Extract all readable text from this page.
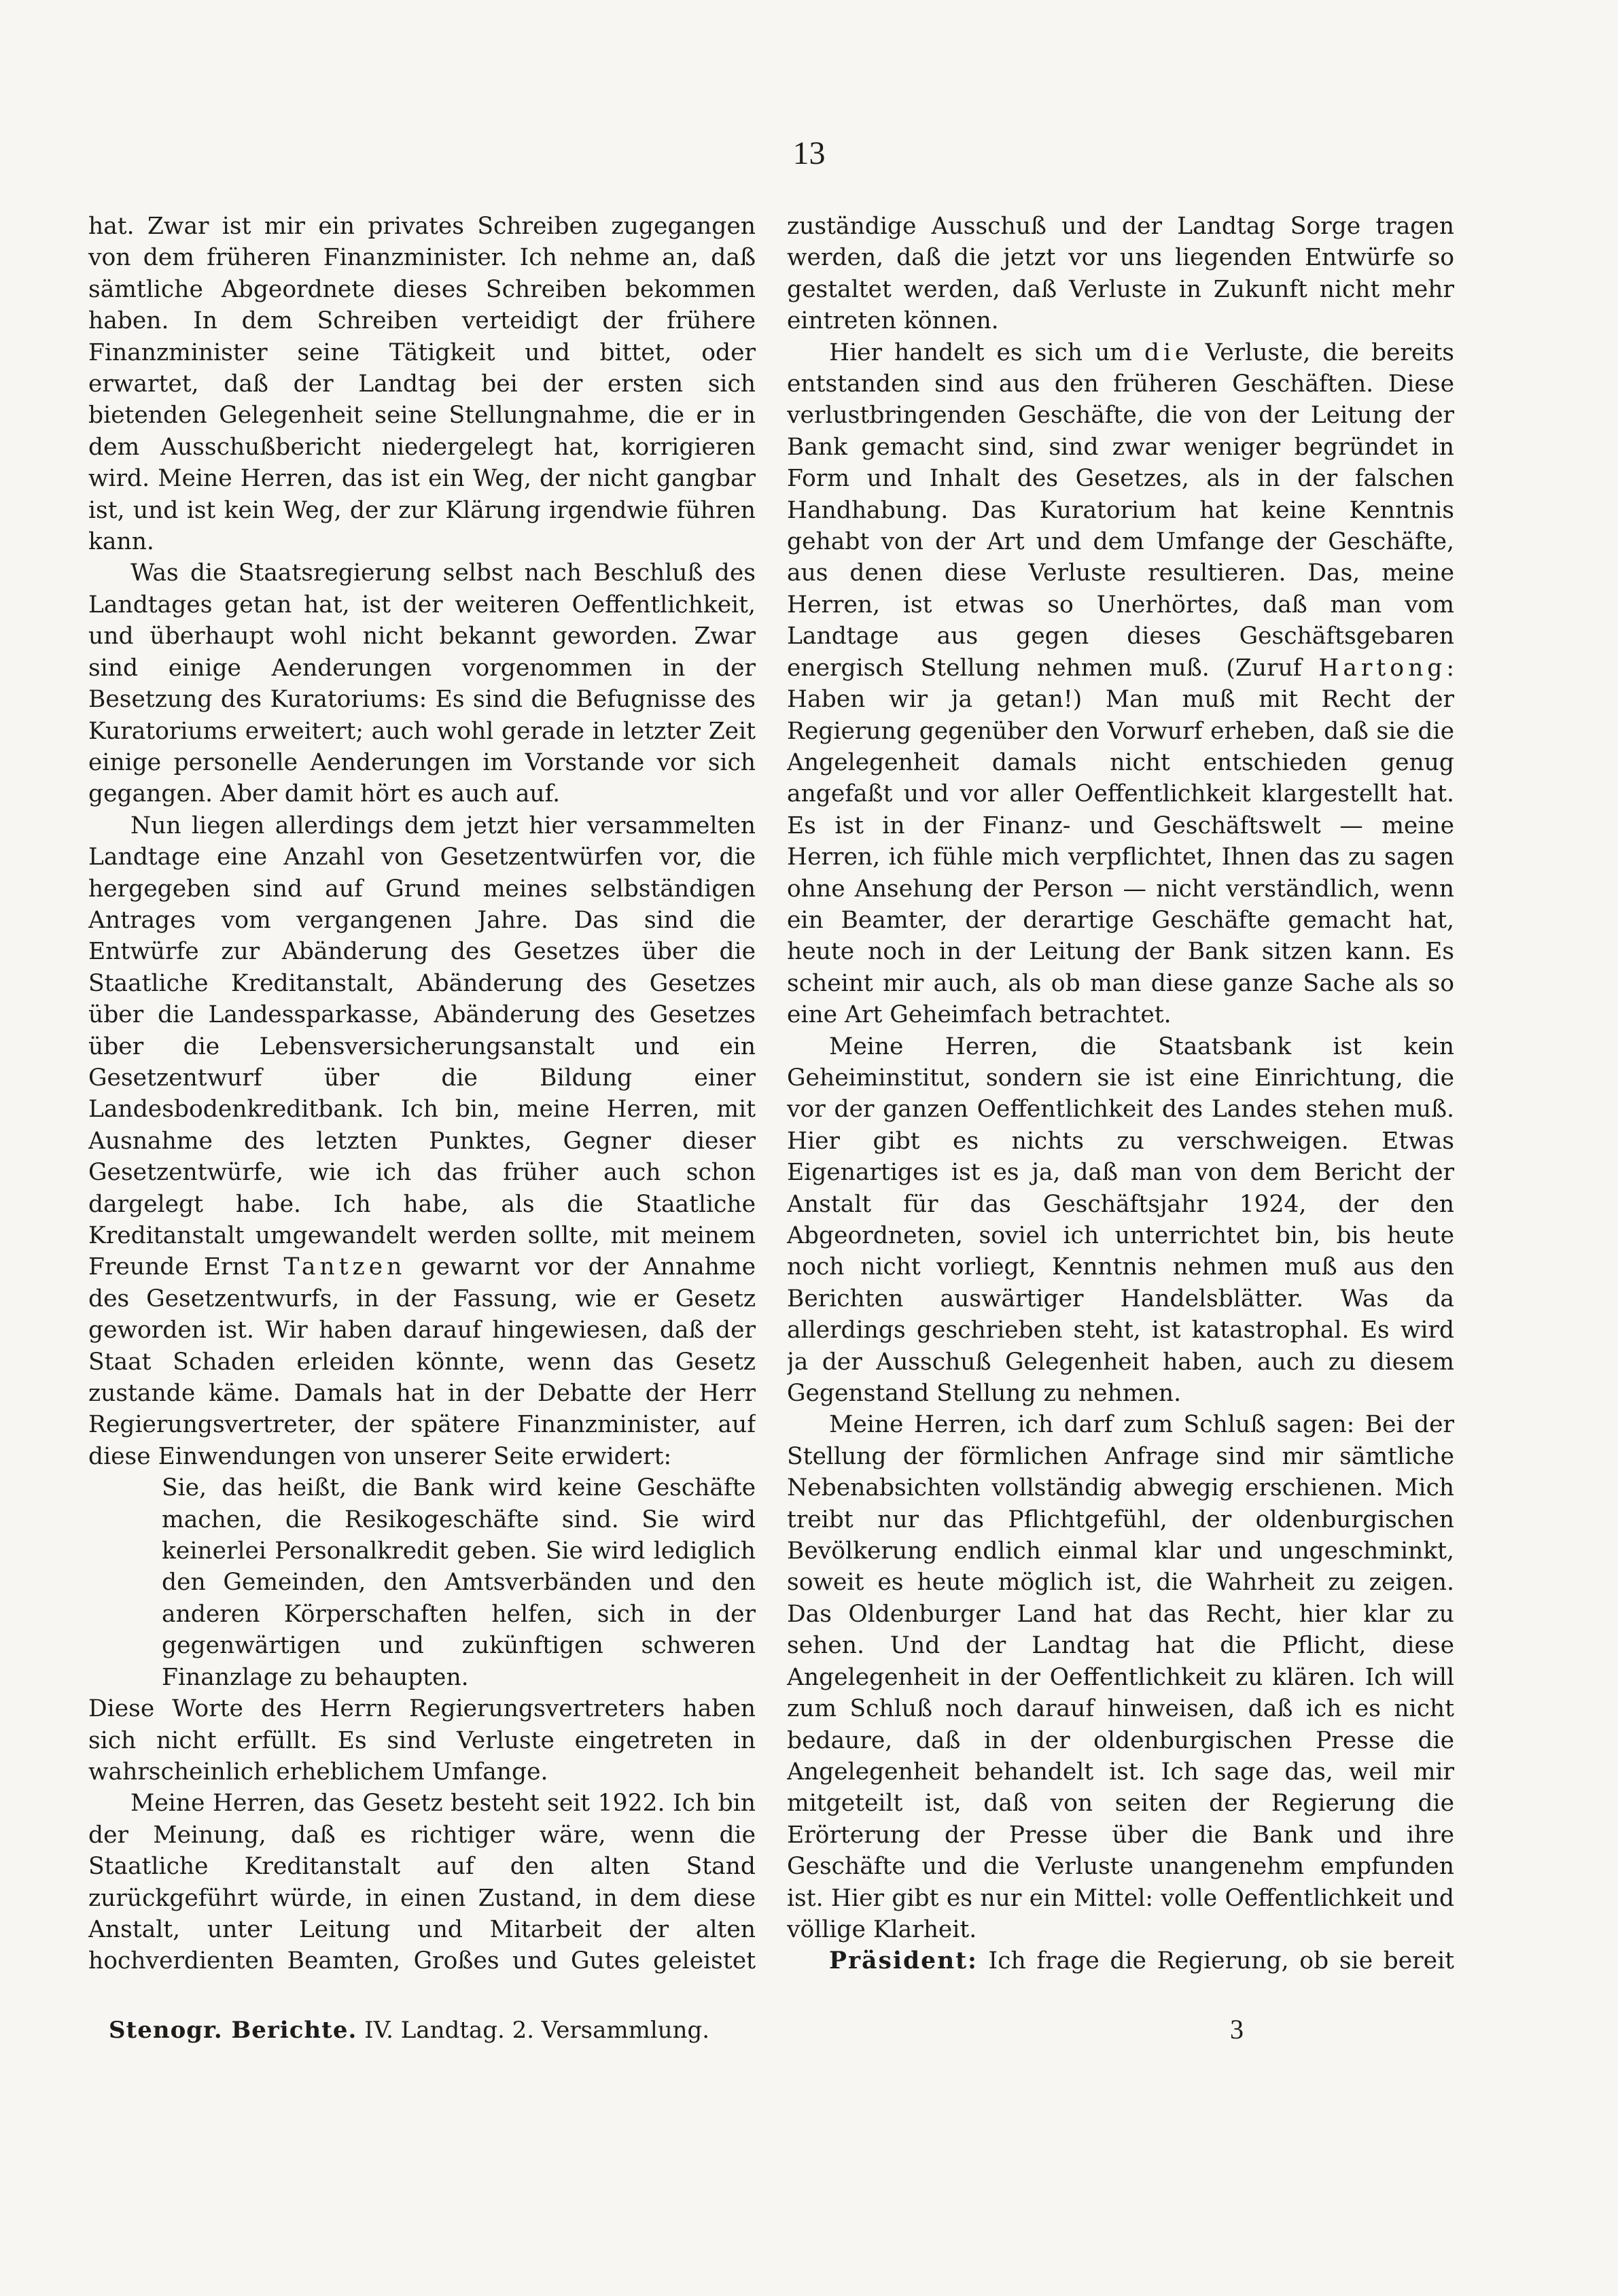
13

hat. Zwar ist mir ein privates Schreiben zugegangen von dem früheren Finanzminister. Ich nehme an, daß sämtliche Abgeordnete dieses Schreiben bekommen haben. In dem Schreiben verteidigt der frühere Finanzminister seine Tätigkeit und bittet, oder erwartet, daß der Landtag bei der ersten sich bietenden Gelegenheit seine Stellungnahme, die er in dem Ausschußbericht niedergelegt hat, korrigieren wird. Meine Herren, das ist ein Weg, der nicht gangbar ist, und ist kein Weg, der zur Klärung irgendwie führen kann.

Was die Staatsregierung selbst nach Beschluß des Landtages getan hat, ist der weiteren Oeffentlichkeit, und überhaupt wohl nicht bekannt geworden. Zwar sind einige Aenderungen vorgenommen in der Besetzung des Kuratoriums: Es sind die Befugnisse des Kuratoriums erweitert; auch wohl gerade in letzter Zeit einige personelle Aenderungen im Vorstande vor sich gegangen. Aber damit hört es auch auf.

Nun liegen allerdings dem jetzt hier versammelten Landtage eine Anzahl von Gesetzentwürfen vor, die hergegeben sind auf Grund meines selbständigen Antrages vom vergangenen Jahre. Das sind die Entwürfe zur Abänderung des Gesetzes über die Staatliche Kreditanstalt, Abänderung des Gesetzes über die Landessparkasse, Abänderung des Gesetzes über die Lebensversicherungsanstalt und ein Gesetzentwurf über die Bildung einer Landesbodenkreditbank. Ich bin, meine Herren, mit Ausnahme des letzten Punktes, Gegner dieser Gesetzentwürfe, wie ich das früher auch schon dargelegt habe. Ich habe, als die Staatliche Kreditanstalt umgewandelt werden sollte, mit meinem Freunde Ernst Tantzen gewarnt vor der Annahme des Gesetzentwurfs, in der Fassung, wie er Gesetz geworden ist. Wir haben darauf hingewiesen, daß der Staat Schaden erleiden könnte, wenn das Gesetz zustande käme. Damals hat in der Debatte der Herr Regierungsvertreter, der spätere Finanzminister, auf diese Einwendungen von unserer Seite erwidert:

Sie, das heißt, die Bank wird keine Geschäfte machen, die Resikogeschäfte sind. Sie wird keinerlei Personalkredit geben. Sie wird lediglich den Gemeinden, den Amtsverbänden und den anderen Körperschaften helfen, sich in der gegenwärtigen und zukünftigen schweren Finanzlage zu behaupten.

Diese Worte des Herrn Regierungsvertreters haben sich nicht erfüllt. Es sind Verluste eingetreten in wahrscheinlich erheblichem Umfange.

Meine Herren, das Gesetz besteht seit 1922. Ich bin der Meinung, daß es richtiger wäre, wenn die Staatliche Kreditanstalt auf den alten Stand zurückgeführt würde, in einen Zustand, in dem diese Anstalt, unter Leitung und Mitarbeit der alten hochverdienten Beamten, Großes und Gutes geleistet

zuständige Ausschuß und der Landtag Sorge tragen werden, daß die jetzt vor uns liegenden Entwürfe so gestaltet werden, daß Verluste in Zukunft nicht mehr eintreten können.

Hier handelt es sich um die Verluste, die bereits entstanden sind aus den früheren Geschäften. Diese verlustbringenden Geschäfte, die von der Leitung der Bank gemacht sind, sind zwar weniger begründet in Form und Inhalt des Gesetzes, als in der falschen Handhabung. Das Kuratorium hat keine Kenntnis gehabt von der Art und dem Umfange der Geschäfte, aus denen diese Verluste resultieren. Das, meine Herren, ist etwas so Unerhörtes, daß man vom Landtage aus gegen dieses Geschäftsgebaren energisch Stellung nehmen muß. (Zuruf Hartong: Haben wir ja getan!) Man muß mit Recht der Regierung gegenüber den Vorwurf erheben, daß sie die Angelegenheit damals nicht entschieden genug angefaßt und vor aller Oeffentlichkeit klargestellt hat. Es ist in der Finanz- und Geschäftswelt — meine Herren, ich fühle mich verpflichtet, Ihnen das zu sagen ohne Ansehung der Person — nicht verständlich, wenn ein Beamter, der derartige Geschäfte gemacht hat, heute noch in der Leitung der Bank sitzen kann. Es scheint mir auch, als ob man diese ganze Sache als so eine Art Geheimfach betrachtet.

Meine Herren, die Staatsbank ist kein Geheiminstitut, sondern sie ist eine Einrichtung, die vor der ganzen Oeffentlichkeit des Landes stehen muß. Hier gibt es nichts zu verschweigen. Etwas Eigenartiges ist es ja, daß man von dem Bericht der Anstalt für das Geschäftsjahr 1924, der den Abgeordneten, soviel ich unterrichtet bin, bis heute noch nicht vorliegt, Kenntnis nehmen muß aus den Berichten auswärtiger Handelsblätter. Was da allerdings geschrieben steht, ist katastrophal. Es wird ja der Ausschuß Gelegenheit haben, auch zu diesem Gegenstand Stellung zu nehmen.

Meine Herren, ich darf zum Schluß sagen: Bei der Stellung der förmlichen Anfrage sind mir sämtliche Nebenabsichten vollständig abwegig erschienen. Mich treibt nur das Pflichtgefühl, der oldenburgischen Bevölkerung endlich einmal klar und ungeschminkt, soweit es heute möglich ist, die Wahrheit zu zeigen. Das Oldenburger Land hat das Recht, hier klar zu sehen. Und der Landtag hat die Pflicht, diese Angelegenheit in der Oeffentlichkeit zu klären. Ich will zum Schluß noch darauf hinweisen, daß ich es nicht bedaure, daß in der oldenburgischen Presse die Angelegenheit behandelt ist. Ich sage das, weil mir mitgeteilt ist, daß von seiten der Regierung die Erörterung der Presse über die Bank und ihre Geschäfte und die Verluste unangenehm empfunden ist. Hier gibt es nur ein Mittel: volle Oeffentlichkeit und völlige Klarheit.

Präsident: Ich frage die Regierung, ob sie bereit

Stenogr. Berichte. IV. Landtag. 2. Versammlung.	3
